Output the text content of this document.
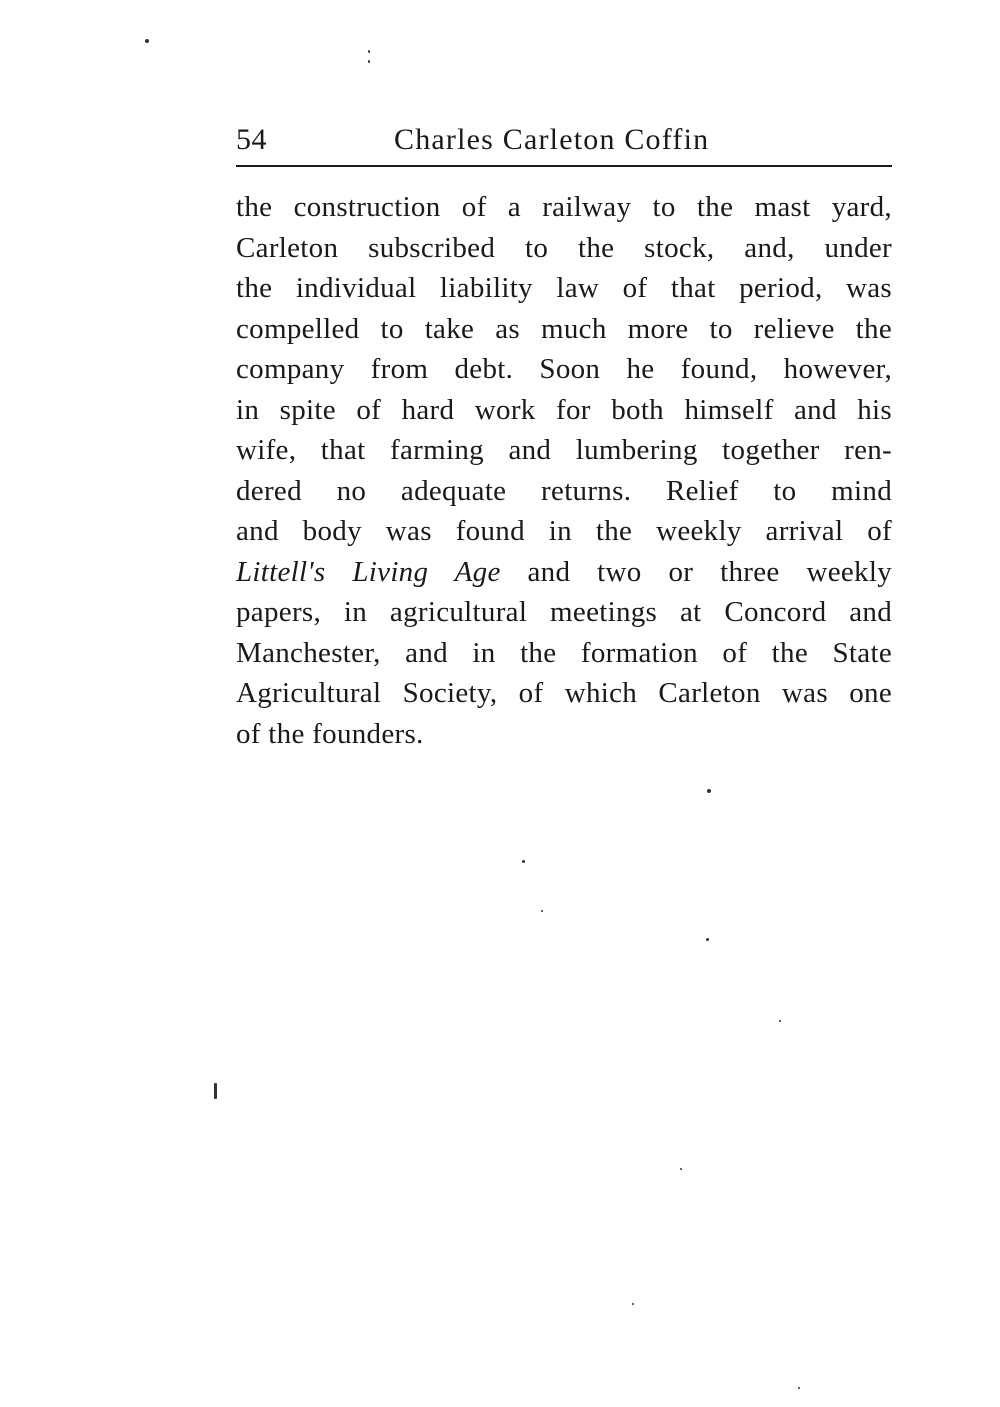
54	Charles Carleton Coffin
the construction of a railway to the mast yard,
Carleton subscribed to the stock, and, under
the individual liability law of that period, was
compelled to take as much more to relieve the
company from debt. Soon he found, however,
in spite of hard work for both himself and his
wife, that farming and lumbering together ren-
dered no adequate returns. Relief to mind
and body was found in the weekly arrival of
Littell's Living Age and two or three weekly
papers, in agricultural meetings at Concord and
Manchester, and in the formation of the State
Agricultural Society, of which Carleton was one
of the founders.
